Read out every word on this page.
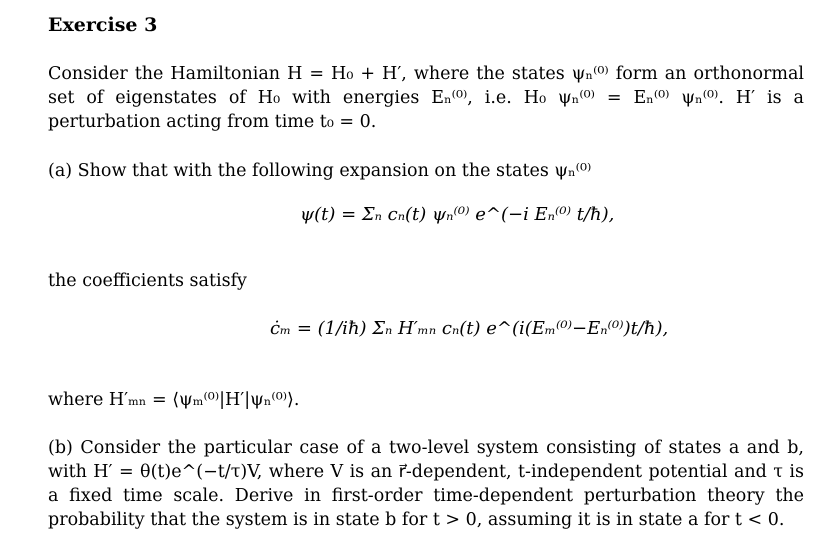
Exercise 3
Consider the Hamiltonian H = H₀ + H′, where the states ψₙ⁽⁰⁾ form an orthonormal set of eigenstates of H₀ with energies Eₙ⁽⁰⁾, i.e. H₀ ψₙ⁽⁰⁾ = Eₙ⁽⁰⁾ ψₙ⁽⁰⁾. H′ is a perturbation acting from time t₀ = 0.
(a) Show that with the following expansion on the states ψₙ⁽⁰⁾
ψ(t) = Σₙ cₙ(t) ψₙ⁽⁰⁾ e^(−i Eₙ⁽⁰⁾ t/ħ),
the coefficients satisfy
ċₘ = (1/iħ) Σₙ H′ₘₙ cₙ(t) e^(i(Eₘ⁽⁰⁾−Eₙ⁽⁰⁾)t/ħ),
where H′ₘₙ = ⟨ψₘ⁽⁰⁾|H′|ψₙ⁽⁰⁾⟩.
(b) Consider the particular case of a two-level system consisting of states a and b, with H′ = θ(t)e^(−t/τ)V, where V is an r⃗-dependent, t-independent potential and τ is a fixed time scale. Derive in first-order time-dependent perturbation theory the probability that the system is in state b for t > 0, assuming it is in state a for t < 0.
